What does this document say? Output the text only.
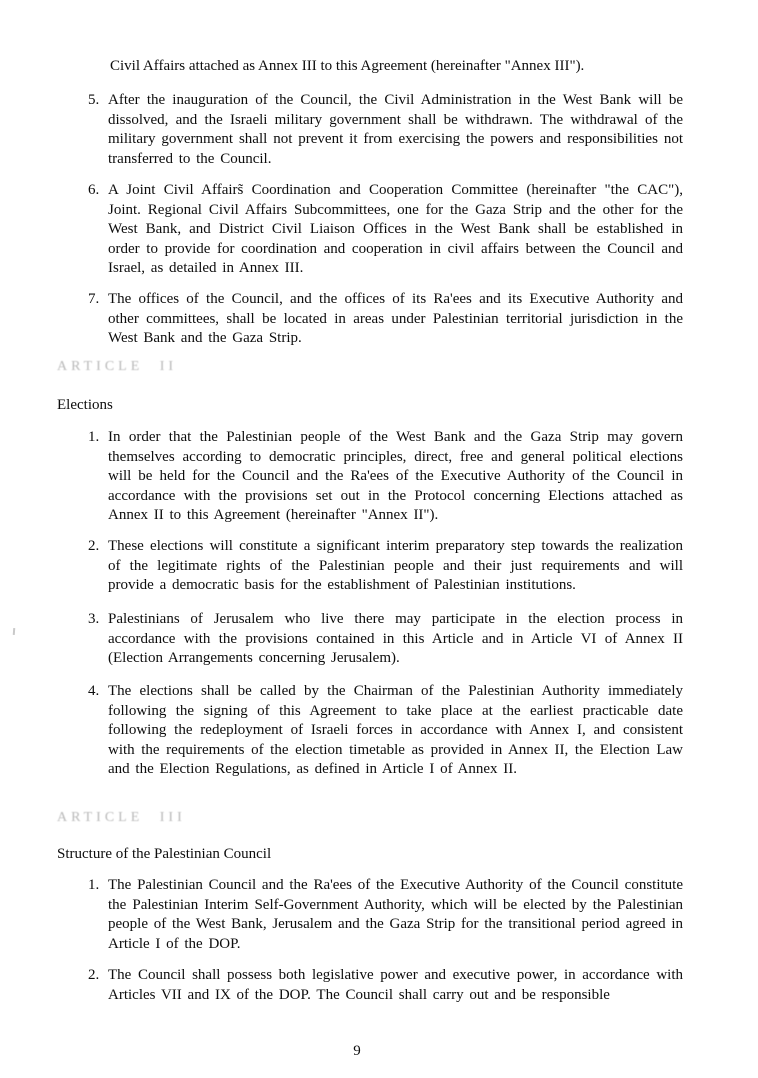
Civil Affairs attached as Annex III to this Agreement (hereinafter "Annex III").

5. After the inauguration of the Council, the Civil Administration in the West Bank will be dissolved, and the Israeli military government shall be withdrawn. The withdrawal of the military government shall not prevent it from exercising the powers and responsibilities not transferred to the Council.
6. A Joint Civil Affairs̃ Coordination and Cooperation Committee (hereinafter "the CAC"), Joint. Regional Civil Affairs Subcommittees, one for the Gaza Strip and the other for the West Bank, and District Civil Liaison Offices in the West Bank shall be established in order to provide for coordination and cooperation in civil affairs between the Council and Israel, as detailed in Annex III.
7. The offices of the Council, and the offices of its Ra'ees and its Executive Authority and other committees, shall be located in areas under Palestinian territorial jurisdiction in the West Bank and the Gaza Strip.

ARTICLE II

Elections
1. In order that the Palestinian people of the West Bank and the Gaza Strip may govern themselves according to democratic principles, direct, free and general political elections will be held for the Council and the Ra'ees of the Executive Authority of the Council in accordance with the provisions set out in the Protocol concerning Elections attached as Annex II to this Agreement (hereinafter "Annex II").
2. These elections will constitute a significant interim preparatory step towards the realization of the legitimate rights of the Palestinian people and their just requirements and will provide a democratic basis for the establishment of Palestinian institutions.
3. Palestinians of Jerusalem who live there may participate in the election process in accordance with the provisions contained in this Article and in Article VI of Annex II (Election Arrangements concerning Jerusalem).
4. The elections shall be called by the Chairman of the Palestinian Authority immediately following the signing of this Agreement to take place at the earliest practicable date following the redeployment of Israeli forces in accordance with Annex I, and consistent with the requirements of the election timetable as provided in Annex II, the Election Law and the Election Regulations, as defined in Article I of Annex II.

ARTICLE III

Structure of the Palestinian Council
1. The Palestinian Council and the Ra'ees of the Executive Authority of the Council constitute the Palestinian Interim Self-Government Authority, which will be elected by the Palestinian people of the West Bank, Jerusalem and the Gaza Strip for the transitional period agreed in Article I of the DOP.
2. The Council shall possess both legislative power and executive power, in accordance with Articles VII and IX of the DOP. The Council shall carry out and be responsible

9
